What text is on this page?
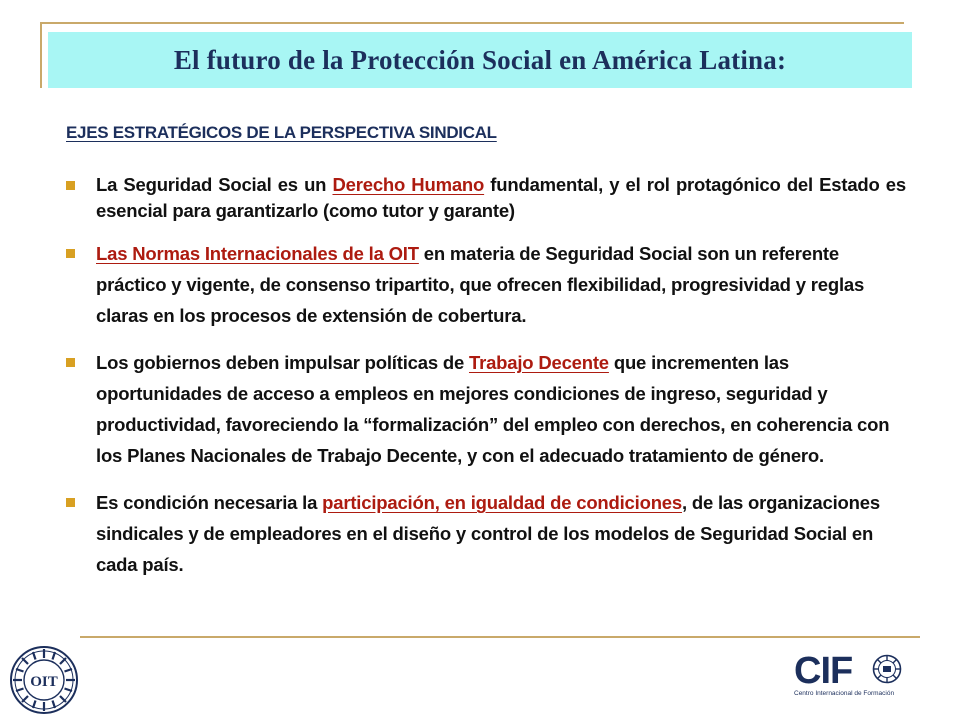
El futuro de la Protección Social en América Latina:
EJES ESTRATÉGICOS DE LA PERSPECTIVA SINDICAL
La Seguridad Social es un Derecho Humano fundamental, y el rol protagónico del Estado es esencial para garantizarlo (como tutor y garante)
Las Normas Internacionales de la OIT en materia de Seguridad Social son un referente práctico y vigente, de consenso tripartito, que ofrecen flexibilidad, progresividad y reglas claras en los procesos de extensión de cobertura.
Los gobiernos deben impulsar políticas de Trabajo Decente que incrementen las oportunidades de acceso a empleos en mejores condiciones de ingreso, seguridad y productividad, favoreciendo la “formalización” del empleo con derechos, en coherencia con los Planes Nacionales de Trabajo Decente, y con el adecuado tratamiento de género.
Es condición necesaria la participación, en igualdad de condiciones, de las organizaciones sindicales y de empleadores en el diseño y control de los modelos de Seguridad Social en cada país.
OIT	CIF
Centro Internacional de Formación
